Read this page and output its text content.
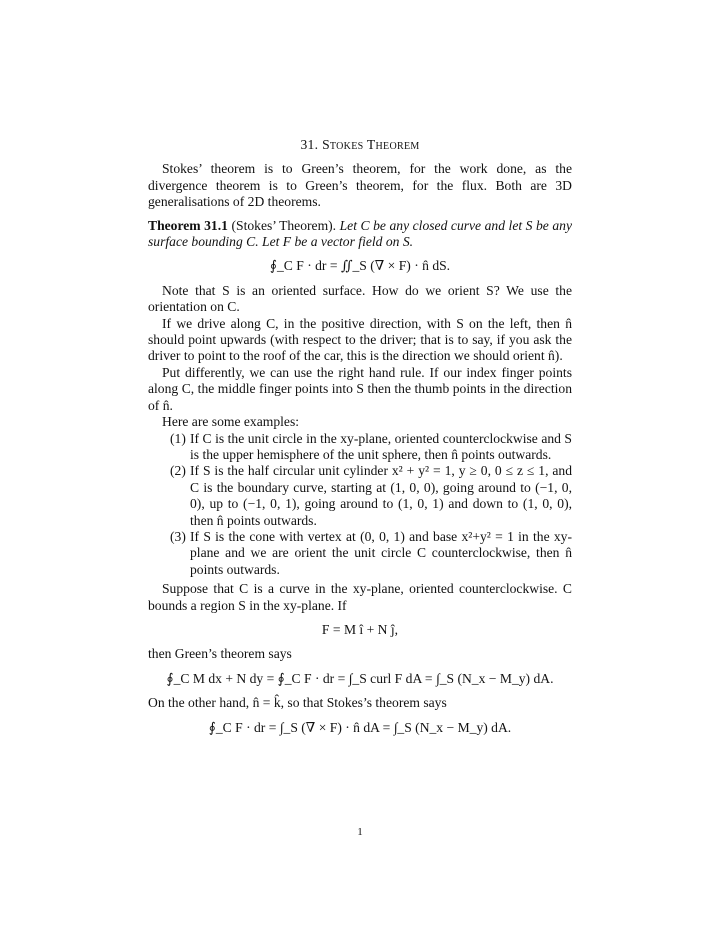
31. Stokes Theorem

Stokes’ theorem is to Green’s theorem, for the work done, as the divergence theorem is to Green’s theorem, for the flux. Both are 3D generalisations of 2D theorems.

Theorem 31.1 (Stokes’ Theorem). Let C be any closed curve and let S be any surface bounding C. Let F be a vector field on S.

∮_C F · dr = ∬_S (∇ × F) · n̂ dS.

Note that S is an oriented surface. How do we orient S? We use the orientation on C.

If we drive along C, in the positive direction, with S on the left, then n̂ should point upwards (with respect to the driver; that is to say, if you ask the driver to point to the roof of the car, this is the direction we should orient n̂).

Put differently, we can use the right hand rule. If our index finger points along C, the middle finger points into S then the thumb points in the direction of n̂.

Here are some examples:

(1) If C is the unit circle in the xy-plane, oriented counterclockwise and S is the upper hemisphere of the unit sphere, then n̂ points outwards.
(2) If S is the half circular unit cylinder x² + y² = 1, y ≥ 0, 0 ≤ z ≤ 1, and C is the boundary curve, starting at (1, 0, 0), going around to (−1, 0, 0), up to (−1, 0, 1), going around to (1, 0, 1) and down to (1, 0, 0), then n̂ points outwards.
(3) If S is the cone with vertex at (0, 0, 1) and base x²+y² = 1 in the xy-plane and we are orient the unit circle C counterclockwise, then n̂ points outwards.

Suppose that C is a curve in the xy-plane, oriented counterclockwise. C bounds a region S in the xy-plane. If

F = M î + N ĵ,

then Green’s theorem says

∮_C M dx + N dy = ∮_C F · dr = ∫_S curl F dA = ∫_S (N_x − M_y) dA.

On the other hand, n̂ = k̂, so that Stokes’s theorem says

∮_C F · dr = ∫_S (∇ × F) · n̂ dA = ∫_S (N_x − M_y) dA.
1
